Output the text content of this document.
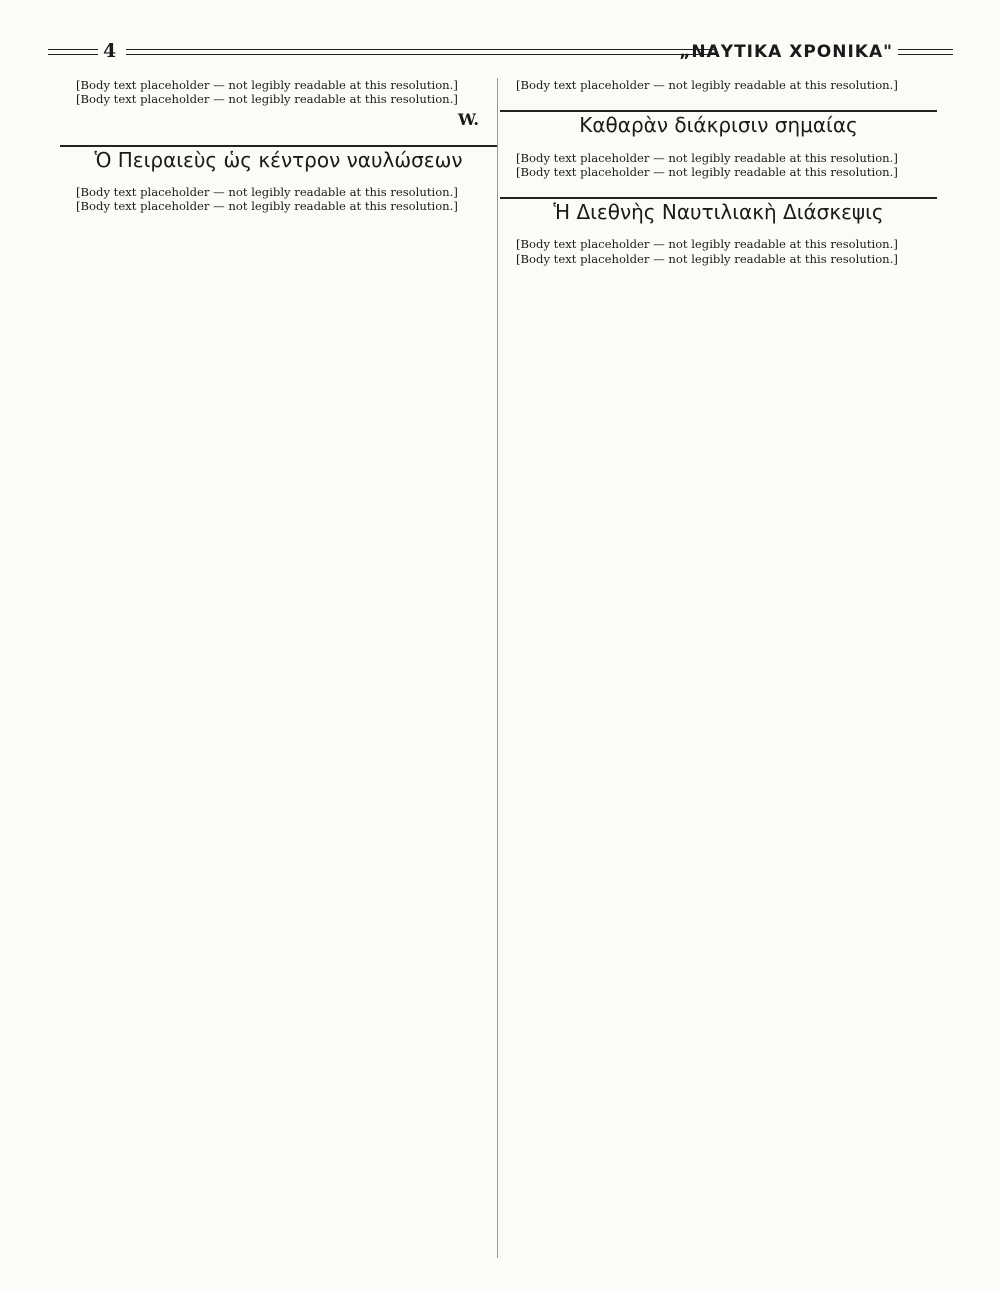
4	„ΝΑΥΤΙΚΑ ΧΡΟΝΙΚΑ"

[Body text placeholder — not legibly readable at this resolution.]

[Body text placeholder — not legibly readable at this resolution.]

W.
Ὁ Πειραιεὺς ὡς κέντρον ναυλώσεων

[Body text placeholder — not legibly readable at this resolution.]

[Body text placeholder — not legibly readable at this resolution.]

[Body text placeholder — not legibly readable at this resolution.]

Καθαρὰν διάκρισιν σημαίας

[Body text placeholder — not legibly readable at this resolution.]

[Body text placeholder — not legibly readable at this resolution.]

Ἡ Διεθνὴς Ναυτιλιακὴ Διάσκεψις

[Body text placeholder — not legibly readable at this resolution.]

[Body text placeholder — not legibly readable at this resolution.]
